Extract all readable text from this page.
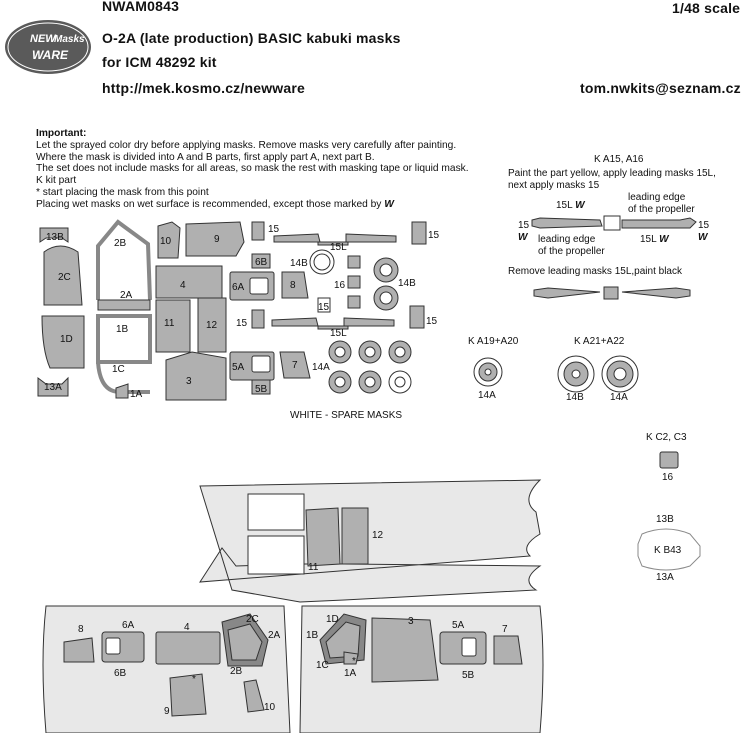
NWAM0843	1/48 scale
O-2A (late production) BASIC kabuki masks
for ICM 48292 kit
http://mek.kosmo.cz/newware	tom.nwkits@seznam.cz
NEW
Masks
WARE
Important:
Let the sprayed color dry before applying masks. Remove masks very carefully after painting.
Where the mask is divided into A and B parts, first apply part A, next part B.
The set does not include masks for all areas, so mask the rest with masking tape or liquid mask.
K kit part
* start placing the mask from this point
Placing wet masks on wet surface is recommended, except those marked by W
13B
2B	10	9
15
15
2C
6B 14B
15L
4	16
6A	8	14B
2A
15
1D
1B
11	12 15	15
15L
1C	7 14A
5A
3
13A
1A	5B
WHITE - SPARE MASKS
K A15, A16
Paint the part yellow, apply leading masks 15L,
next apply masks 15
leading edge
of the propeller
15L W
15
W
15
W
leading edge
of the propeller
15L W
Remove leading masks 15L,paint black
K A19+A20	K A21+A22
14A	14B	14A
K C2, C3
16
13B
K B43
13A
12
11
8	6A	4
2C
2A
2B
6B
9	10
*
1D
1B
3	5A	7
1C
1A	5B
*
